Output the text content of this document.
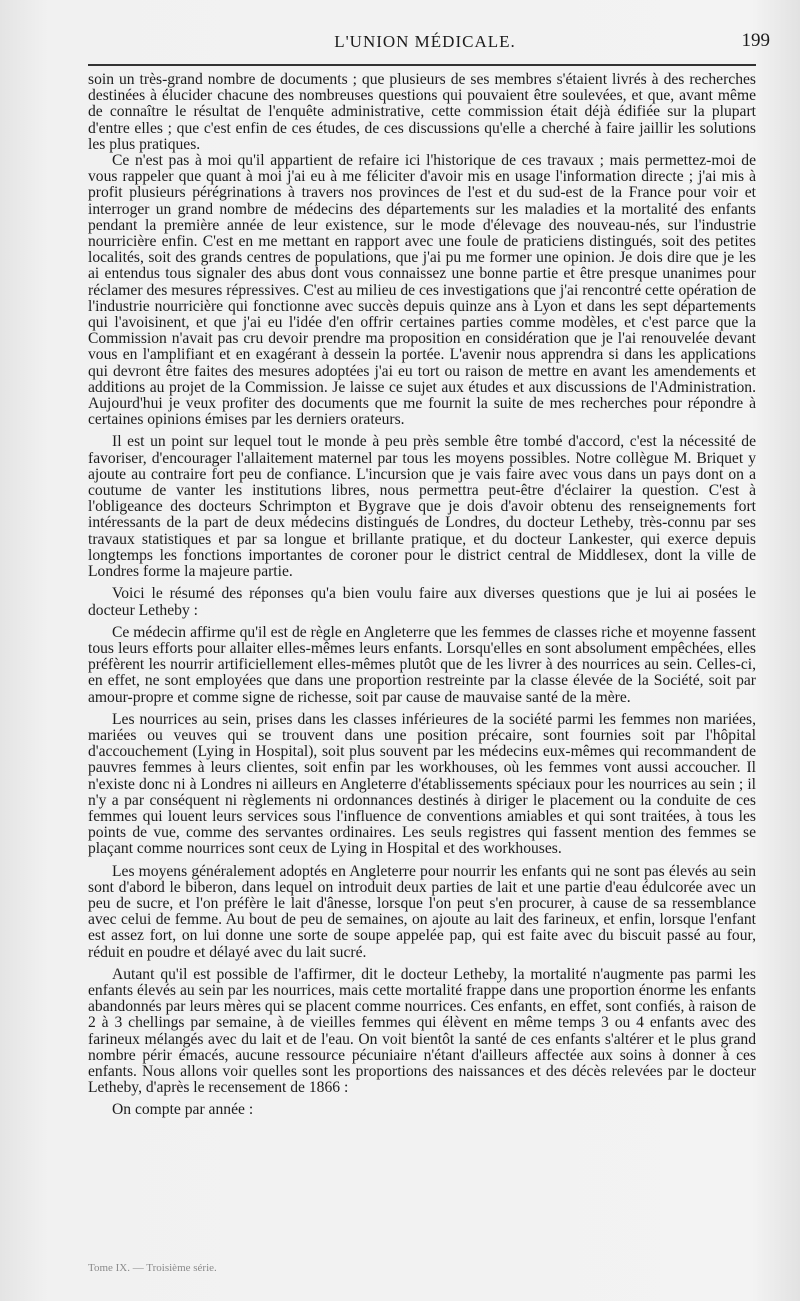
L'UNION MÉDICALE.	199

soin un très-grand nombre de documents ; que plusieurs de ses membres s'étaient livrés à des recherches destinées à élucider chacune des nombreuses questions qui pouvaient être soulevées, et que, avant même de connaître le résultat de l'enquête administrative, cette commission était déjà édifiée sur la plupart d'entre elles ; que c'est enfin de ces études, de ces discussions qu'elle a cherché à faire jaillir les solutions les plus pratiques.

Ce n'est pas à moi qu'il appartient de refaire ici l'historique de ces travaux ; mais permettez-moi de vous rappeler que quant à moi j'ai eu à me féliciter d'avoir mis en usage l'information directe ; j'ai mis à profit plusieurs pérégrinations à travers nos provinces de l'est et du sud-est de la France pour voir et interroger un grand nombre de médecins des départements sur les maladies et la mortalité des enfants pendant la première année de leur existence, sur le mode d'élevage des nouveau-nés, sur l'industrie nourricière enfin. C'est en me mettant en rapport avec une foule de praticiens distingués, soit des petites localités, soit des grands centres de populations, que j'ai pu me former une opinion. Je dois dire que je les ai entendus tous signaler des abus dont vous connaissez une bonne partie et être presque unanimes pour réclamer des mesures répressives. C'est au milieu de ces investigations que j'ai rencontré cette opération de l'industrie nourricière qui fonctionne avec succès depuis quinze ans à Lyon et dans les sept départements qui l'avoisinent, et que j'ai eu l'idée d'en offrir certaines parties comme modèles, et c'est parce que la Commission n'avait pas cru devoir prendre ma proposition en considération que je l'ai renouvelée devant vous en l'amplifiant et en exagérant à dessein la portée. L'avenir nous apprendra si dans les applications qui devront être faites des mesures adoptées j'ai eu tort ou raison de mettre en avant les amendements et additions au projet de la Commission. Je laisse ce sujet aux études et aux discussions de l'Administration. Aujourd'hui je veux profiter des documents que me fournit la suite de mes recherches pour répondre à certaines opinions émises par les derniers orateurs.

Il est un point sur lequel tout le monde à peu près semble être tombé d'accord, c'est la nécessité de favoriser, d'encourager l'allaitement maternel par tous les moyens possibles. Notre collègue M. Briquet y ajoute au contraire fort peu de confiance. L'incursion que je vais faire avec vous dans un pays dont on a coutume de vanter les institutions libres, nous permettra peut-être d'éclairer la question. C'est à l'obligeance des docteurs Schrimpton et Bygrave que je dois d'avoir obtenu des renseignements fort intéressants de la part de deux médecins distingués de Londres, du docteur Letheby, très-connu par ses travaux statistiques et par sa longue et brillante pratique, et du docteur Lankester, qui exerce depuis longtemps les fonctions importantes de coroner pour le district central de Middlesex, dont la ville de Londres forme la majeure partie.

Voici le résumé des réponses qu'a bien voulu faire aux diverses questions que je lui ai posées le docteur Letheby :

Ce médecin affirme qu'il est de règle en Angleterre que les femmes de classes riche et moyenne fassent tous leurs efforts pour allaiter elles-mêmes leurs enfants. Lorsqu'elles en sont absolument empêchées, elles préfèrent les nourrir artificiellement elles-mêmes plutôt que de les livrer à des nourrices au sein. Celles-ci, en effet, ne sont employées que dans une proportion restreinte par la classe élevée de la Société, soit par amour-propre et comme signe de richesse, soit par cause de mauvaise santé de la mère.

Les nourrices au sein, prises dans les classes inférieures de la société parmi les femmes non mariées, mariées ou veuves qui se trouvent dans une position précaire, sont fournies soit par l'hôpital d'accouchement (Lying in Hospital), soit plus souvent par les médecins eux-mêmes qui recommandent de pauvres femmes à leurs clientes, soit enfin par les workhouses, où les femmes vont aussi accoucher. Il n'existe donc ni à Londres ni ailleurs en Angleterre d'établissements spéciaux pour les nourrices au sein ; il n'y a par conséquent ni règlements ni ordonnances destinés à diriger le placement ou la conduite de ces femmes qui louent leurs services sous l'influence de conventions amiables et qui sont traitées, à tous les points de vue, comme des servantes ordinaires. Les seuls registres qui fassent mention des femmes se plaçant comme nourrices sont ceux de Lying in Hospital et des workhouses.

Les moyens généralement adoptés en Angleterre pour nourrir les enfants qui ne sont pas élevés au sein sont d'abord le biberon, dans lequel on introduit deux parties de lait et une partie d'eau édulcorée avec un peu de sucre, et l'on préfère le lait d'ânesse, lorsque l'on peut s'en procurer, à cause de sa ressemblance avec celui de femme. Au bout de peu de semaines, on ajoute au lait des farineux, et enfin, lorsque l'enfant est assez fort, on lui donne une sorte de soupe appelée pap, qui est faite avec du biscuit passé au four, réduit en poudre et délayé avec du lait sucré.

Autant qu'il est possible de l'affirmer, dit le docteur Letheby, la mortalité n'augmente pas parmi les enfants élevés au sein par les nourrices, mais cette mortalité frappe dans une proportion énorme les enfants abandonnés par leurs mères qui se placent comme nourrices. Ces enfants, en effet, sont confiés, à raison de 2 à 3 chellings par semaine, à de vieilles femmes qui élèvent en même temps 3 ou 4 enfants avec des farineux mélangés avec du lait et de l'eau. On voit bientôt la santé de ces enfants s'altérer et le plus grand nombre périr émacés, aucune ressource pécuniaire n'étant d'ailleurs affectée aux soins à donner à ces enfants. Nous allons voir quelles sont les proportions des naissances et des décès relevées par le docteur Letheby, d'après le recensement de 1866 :

On compte par année :

Tome IX. — Troisième série.
